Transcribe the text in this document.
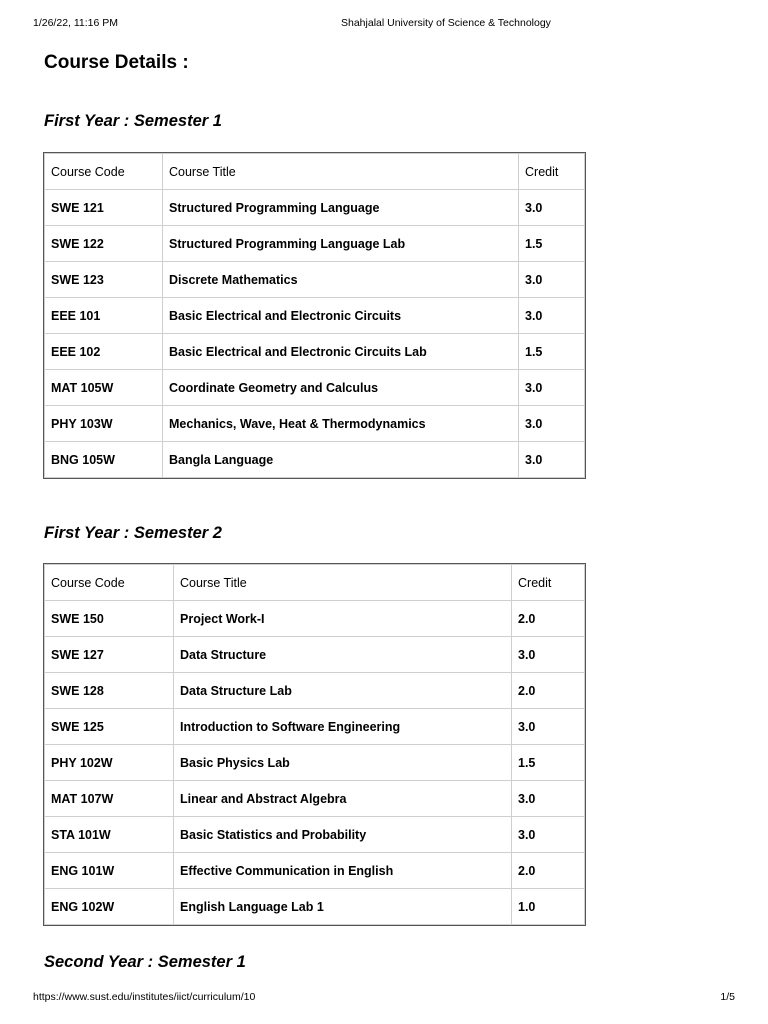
1/26/22, 11:16 PM	Shahjalal University of Science & Technology
Course Details :
First Year : Semester 1
Course Code	Course Title	Credit
SWE 121	Structured Programming Language	3.0
SWE 122	Structured Programming Language Lab	1.5
SWE 123	Discrete Mathematics	3.0
EEE 101	Basic Electrical and Electronic Circuits	3.0
EEE 102	Basic Electrical and Electronic Circuits Lab	1.5
MAT 105W	Coordinate Geometry and Calculus	3.0
PHY 103W	Mechanics, Wave, Heat & Thermodynamics	3.0
BNG 105W	Bangla Language	3.0
First Year : Semester 2
Course Code	Course Title	Credit
SWE 150	Project Work-I	2.0
SWE 127	Data Structure	3.0
SWE 128	Data Structure Lab	2.0
SWE 125	Introduction to Software Engineering	3.0
PHY 102W	Basic Physics Lab	1.5
MAT 107W	Linear and Abstract Algebra	3.0
STA 101W	Basic Statistics and Probability	3.0
ENG 101W	Effective Communication in English	2.0
ENG 102W	English Language Lab 1	1.0
Second Year : Semester 1
https://www.sust.edu/institutes/iict/curriculum/10	1/5
